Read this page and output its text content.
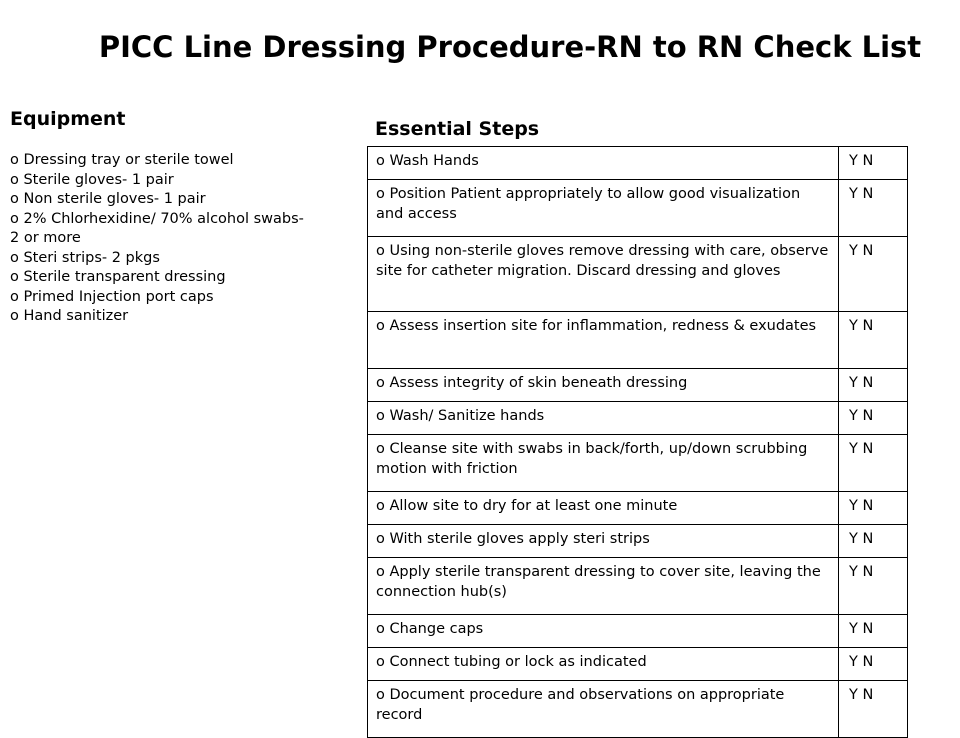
PICC Line Dressing Procedure-RN to RN Check List
Equipment
o Dressing tray or sterile towel
o Sterile gloves- 1 pair
o Non sterile gloves- 1 pair
o 2% Chlorhexidine/ 70% alcohol swabs- 2 or more
o Steri strips- 2 pkgs
o Sterile transparent dressing
o Primed Injection port caps
o Hand sanitizer
Essential Steps
o Wash Hands	Y N
o Position Patient appropriately to allow good visualization and access	Y N
o Using non-sterile gloves remove dressing with care, observe site for catheter migration. Discard dressing and gloves	Y N
o Assess insertion site for inflammation, redness & exudates	Y N
o Assess integrity of skin beneath dressing	Y N
o Wash/ Sanitize hands	Y N
o Cleanse site with swabs in back/forth, up/down scrubbing motion with friction	Y N
o Allow site to dry for at least one minute	Y N
o With sterile gloves apply steri strips	Y N
o Apply sterile transparent dressing to cover site, leaving the connection hub(s)	Y N
o Change caps	Y N
o Connect tubing or lock as indicated	Y N
o Document procedure and observations on appropriate record	Y N
